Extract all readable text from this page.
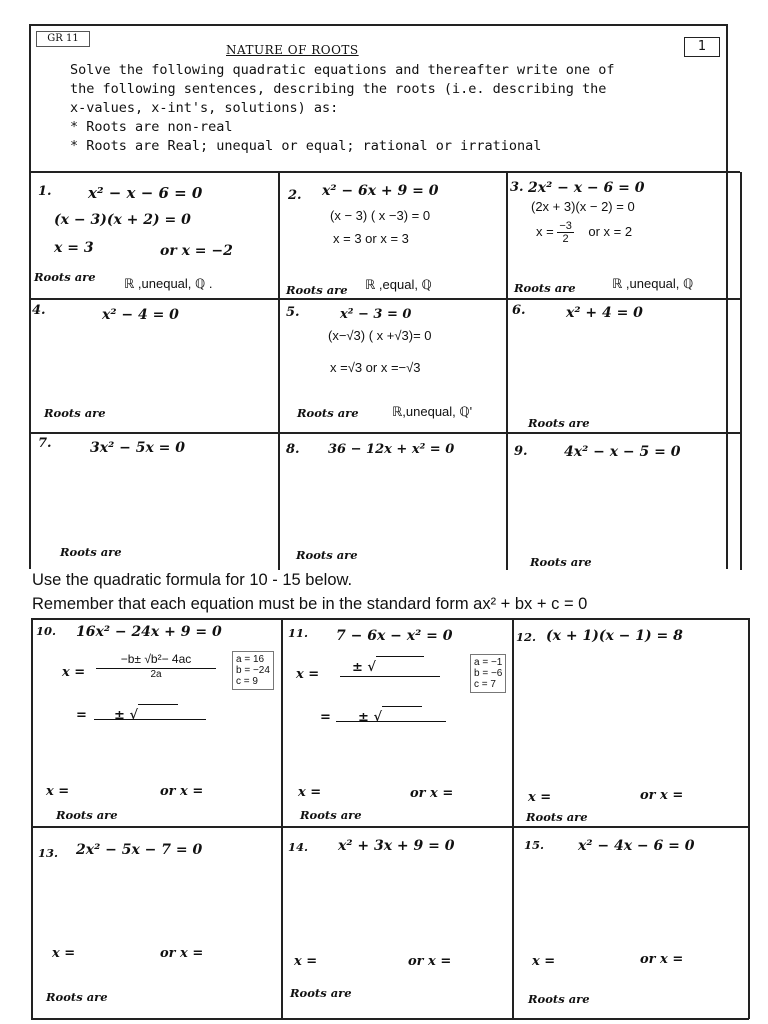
GR 11
NATURE OF ROOTS	1
Solve the following quadratic equations and thereafter write one of
the following sentences, describing the roots (i.e. describing the
x-values, x-int's, solutions) as:
* Roots are non-real
* Roots are Real; unequal or equal; rational or irrational
1. x² − x − 6 = 0
(x − 3)(x + 2) = 0
x = 3	or x = −2
Roots are ℝ ,unequal, ℚ .
2. x² − 6x + 9 = 0
(x − 3) ( x −3) = 0
x = 3 or x = 3
Roots are ℝ ,equal, ℚ
3. 2x² − x − 6 = 0
(2x + 3)(x − 2) = 0
$x = \frac{-3}{2}$ or x = 2
Roots are	ℝ ,unequal, ℚ
4.	x² − 4 = 0
Roots are
5.	x² − 3 = 0
(x−√3) ( x +√3)= 0
x =√3 or x =−√3
Roots are	ℝ,unequal, ℚ'
6.	x² + 4 = 0
Roots are
7.	3x² − 5x = 0
Roots are
8. 36 − 12x + x² = 0
Roots are
9.	4x² − x − 5 = 0
Roots are
Use the quadratic formula for 10 - 15 below.
Remember that each equation must be in the standard form ax² + bx + c = 0
10. 16x² − 24x + 9 = 0
x =
−b± √b²− 4ac
2a
a = 16
b = −24
c = 9
=      ± √
x =	or x =
Roots are
11. 7 − 6x − x² = 0
x =	± √	a = −1
b = −6
c = 7
=      ± √
x =	or x =
Roots are
12. (x + 1)(x − 1) = 8
x =	or x =
Roots are
13. 2x² − 5x − 7 = 0
x =	or x =
Roots are
14. x² + 3x + 9 = 0
x =	or x =
Roots are
15. x² − 4x − 6 = 0
x =	or x =
Roots are
